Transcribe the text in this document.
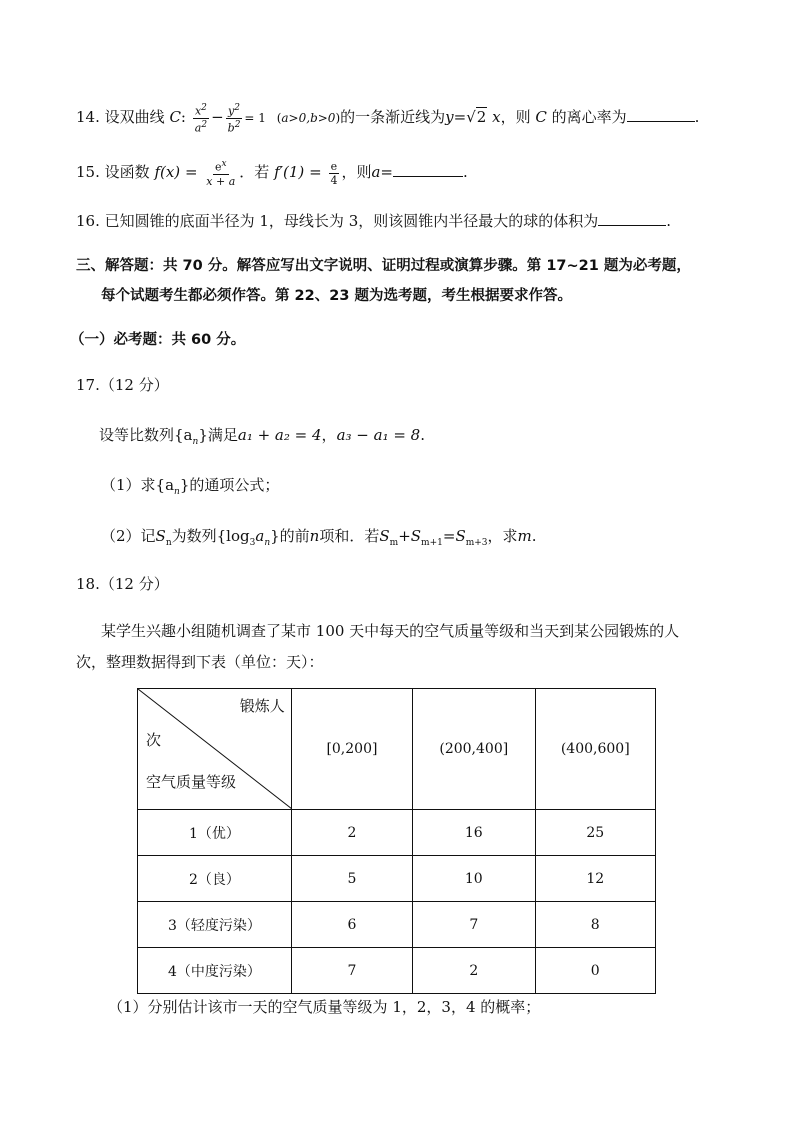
14. 设双曲线 C: $\frac{x^2}{a^2} - \frac{y^2}{b^2} = 1$ (a>0,b>0)的一条渐近线为y=√2 x，则 C 的离心率为	.
15. 设函数 $f(x) = \frac{e^x}{x + a}$ ．若 $f'(1) = \frac{e}{4}$ ，则a=	.
16. 已知圆锥的底面半径为 1，母线长为 3，则该圆锥内半径最大的球的体积为	.
三、解答题：共 70 分。解答应写出文字说明、证明过程或演算步骤。第 17~21 题为必考题，
每个试题考生都必须作答。第 22、23 题为选考题，考生根据要求作答。
（一）必考题：共 60 分。
17.（12 分）
设等比数列$\{a_n\}$满足a₁ + a₂ = 4，a₃ − a₁ = 8.
（1）求$\{a_n\}$的通项公式；
（2）记$S_n$为数列$\{\log_3a_n\}$的前n项和．若$S_m+S_{m+1}=S_{m+3}$，求m.
18.（12 分）
某学生兴趣小组随机调查了某市 100 天中每天的空气质量等级和当天到某公园锻炼的人
次，整理数据得到下表（单位：天）：
锻炼人
次
空气质量等级	[0,200]	(200,400]	(400,600]
1（优）	2	16	25
2（良）	5	10	12
3（轻度污染）	6	7	8
4（中度污染）	7	2	0
（1）分别估计该市一天的空气质量等级为 1，2，3，4 的概率；
